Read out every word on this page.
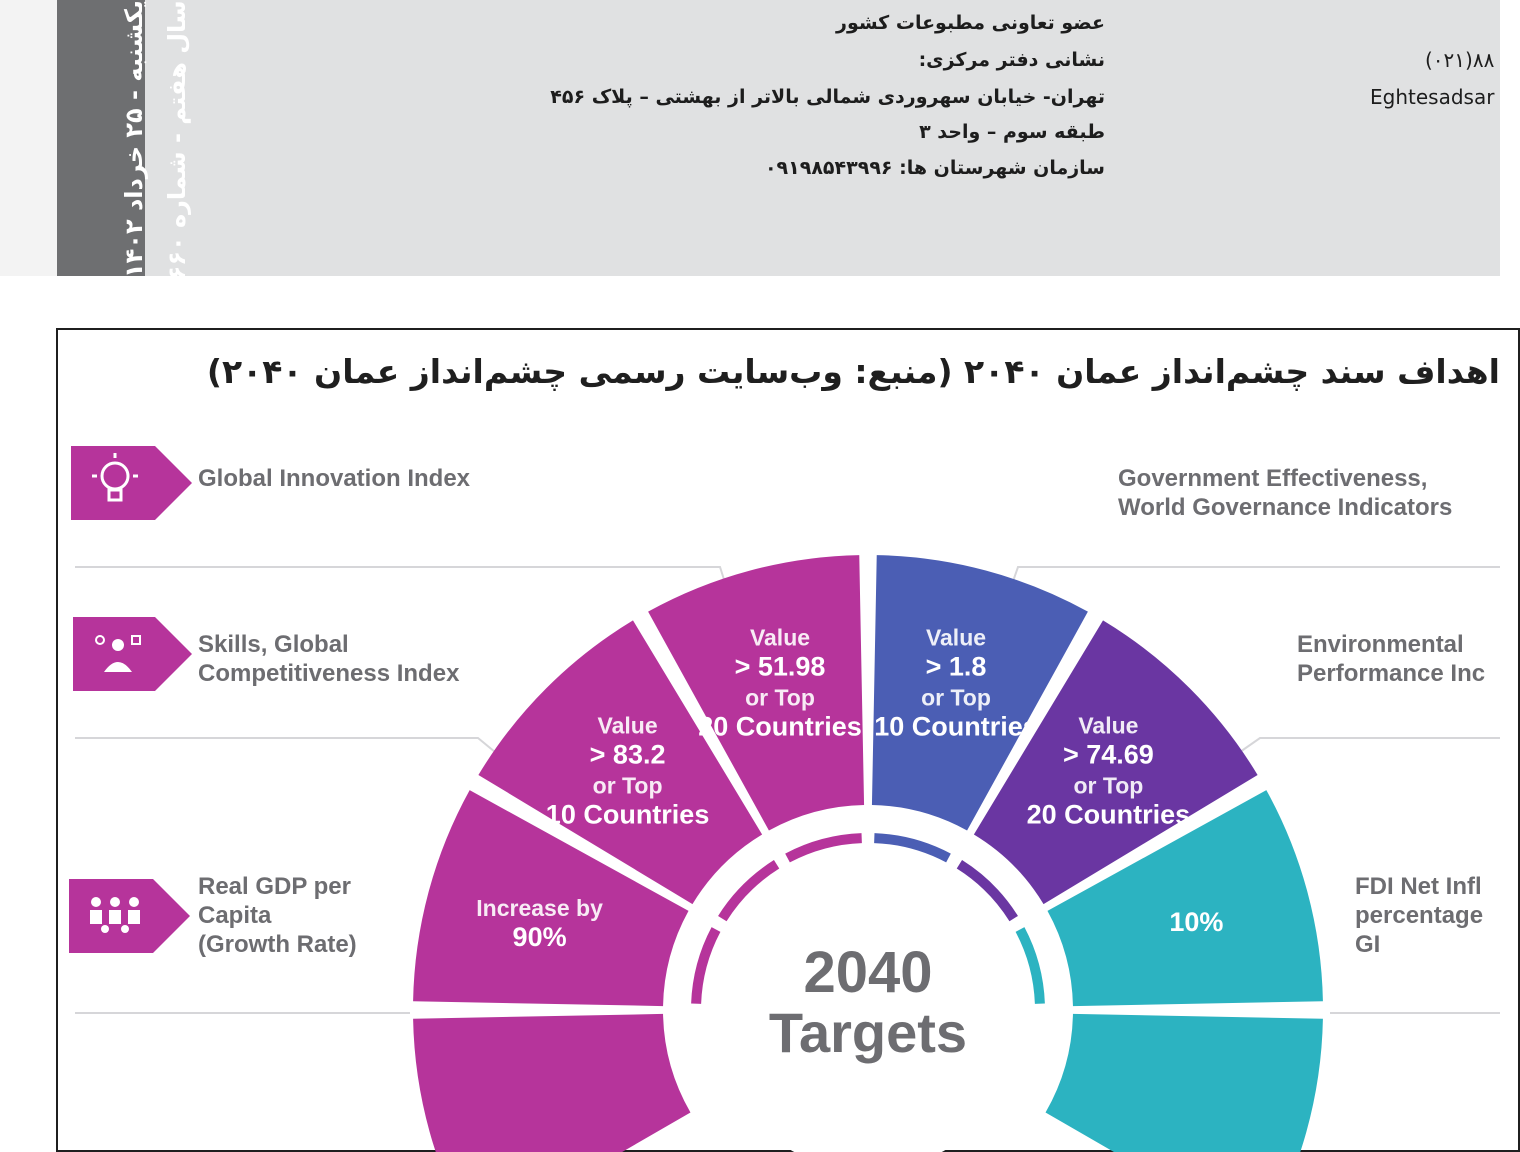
یکشنبه - ۲۵ خرداد ۱۴۰۲
سال هفتم - شماره ۱۶۶۰	عضو تعاونی مطبوعات کشور
نشانی دفتر مرکزی:
تهران- خیابان سهروردی شمالی بالاتر از بهشتی – پلاک ۴۵۶
طبقه سوم – واحد ۳
سازمان شهرستان ها: ۰۹۱۹۸۵۴۳۹۹۶
(۰۲۱)۸۸
Eghtesadsar
اهداف سند چشم‌انداز عمان ۲۰۴۰ (منبع: وب‌سایت رسمی چشم‌انداز عمان ۲۰۴۰)
Global Innovation Index
Skills, Global
Competitiveness Index
Real GDP per
Capita
(Growth Rate)
Government Effectiveness,
World Governance Indicators
Environmental
Performance Inc
FDI Net Infl
percentage
GI
Increase by
90%
Value
> 83.2
or Top
10 Countries
Value
> 51.98
or Top
20 Countries
Value
> 1.8
or Top
10 Countries Value
> 74.69
or Top
20 Countries
10%
2040
Targets
